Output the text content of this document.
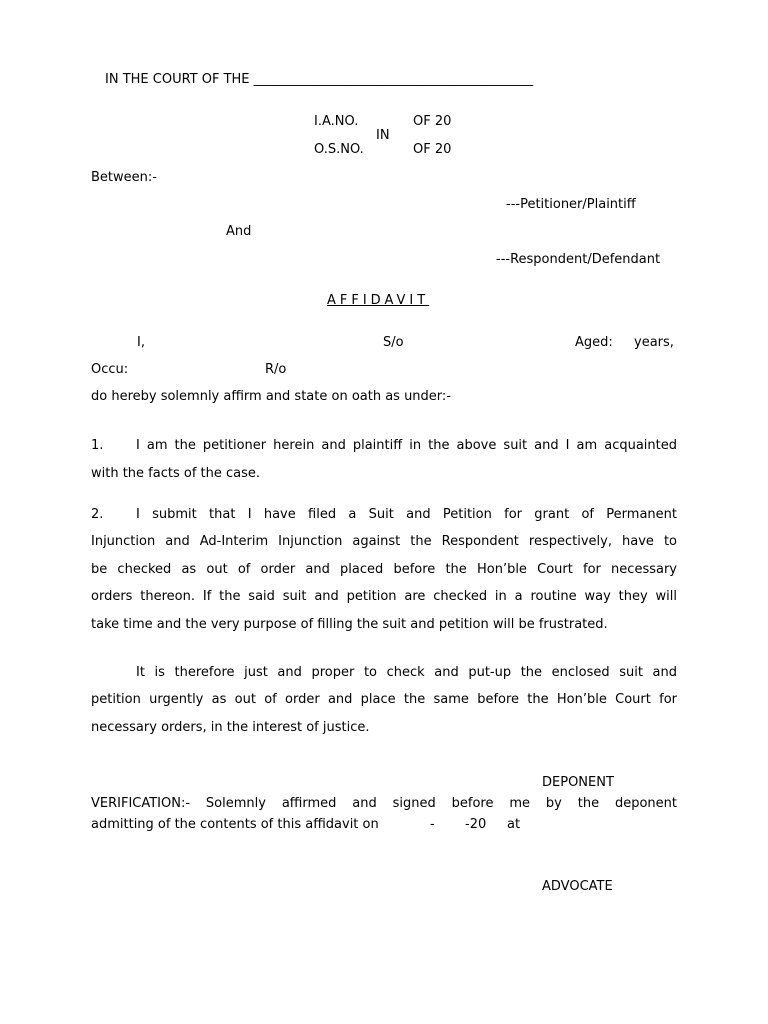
IN THE COURT OF THE ___________________________________________
I.A.NO.	OF 20
IN
O.S.NO.	OF 20
Between:-
---Petitioner/Plaintiff
And
---Respondent/Defendant
AFFIDAVIT
I,	S/o	Aged: years,
Occu:	R/o
do hereby solemnly affirm and state on oath as under:-
1.	I am the petitioner herein and plaintiff in the above suit and I am acquainted
with the facts of the case.
2.	I submit that I have filed a Suit and Petition for grant of Permanent
Injunction and Ad-Interim Injunction against the Respondent respectively, have to
be checked as out of order and placed before the Hon’ble Court for necessary
orders thereon. If the said suit and petition are checked in a routine way they will
take time and the very purpose of filling the suit and petition will be frustrated.
It is therefore just and proper to check and put-up the enclosed suit and
petition urgently as out of order and place the same before the Hon’ble Court for
necessary orders, in the interest of justice.
DEPONENT
VERIFICATION:- Solemnly affirmed and signed before me by the deponent
admitting of the contents of this affidavit on	- -20 at
ADVOCATE
